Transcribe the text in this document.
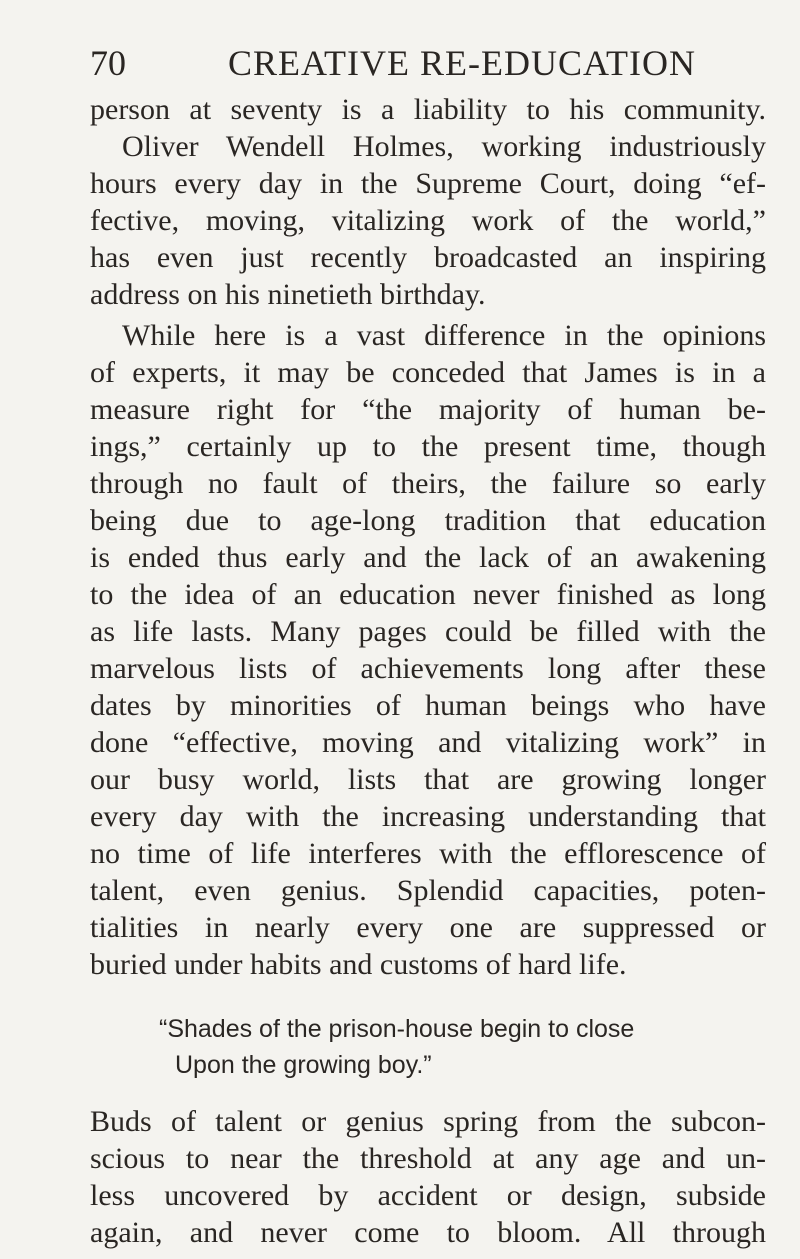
70	CREATIVE RE-EDUCATION
person at seventy is a liability to his community.
Oliver Wendell Holmes, working industriously
hours every day in the Supreme Court, doing “ef-
fective, moving, vitalizing work of the world,”
has even just recently broadcasted an inspiring
address on his ninetieth birthday.
While here is a vast difference in the opinions
of experts, it may be conceded that James is in a
measure right for “the majority of human be-
ings,” certainly up to the present time, though
through no fault of theirs, the failure so early
being due to age-long tradition that education
is ended thus early and the lack of an awakening
to the idea of an education never finished as long
as life lasts. Many pages could be filled with the
marvelous lists of achievements long after these
dates by minorities of human beings who have
done “effective, moving and vitalizing work” in
our busy world, lists that are growing longer
every day with the increasing understanding that
no time of life interferes with the efflorescence of
talent, even genius. Splendid capacities, poten-
tialities in nearly every one are suppressed or
buried under habits and customs of hard life.
“Shades of the prison-house begin to close
Upon the growing boy.”
Buds of talent or genius spring from the subcon-
scious to near the threshold at any age and un-
less uncovered by accident or design, subside
again, and never come to bloom. All through
